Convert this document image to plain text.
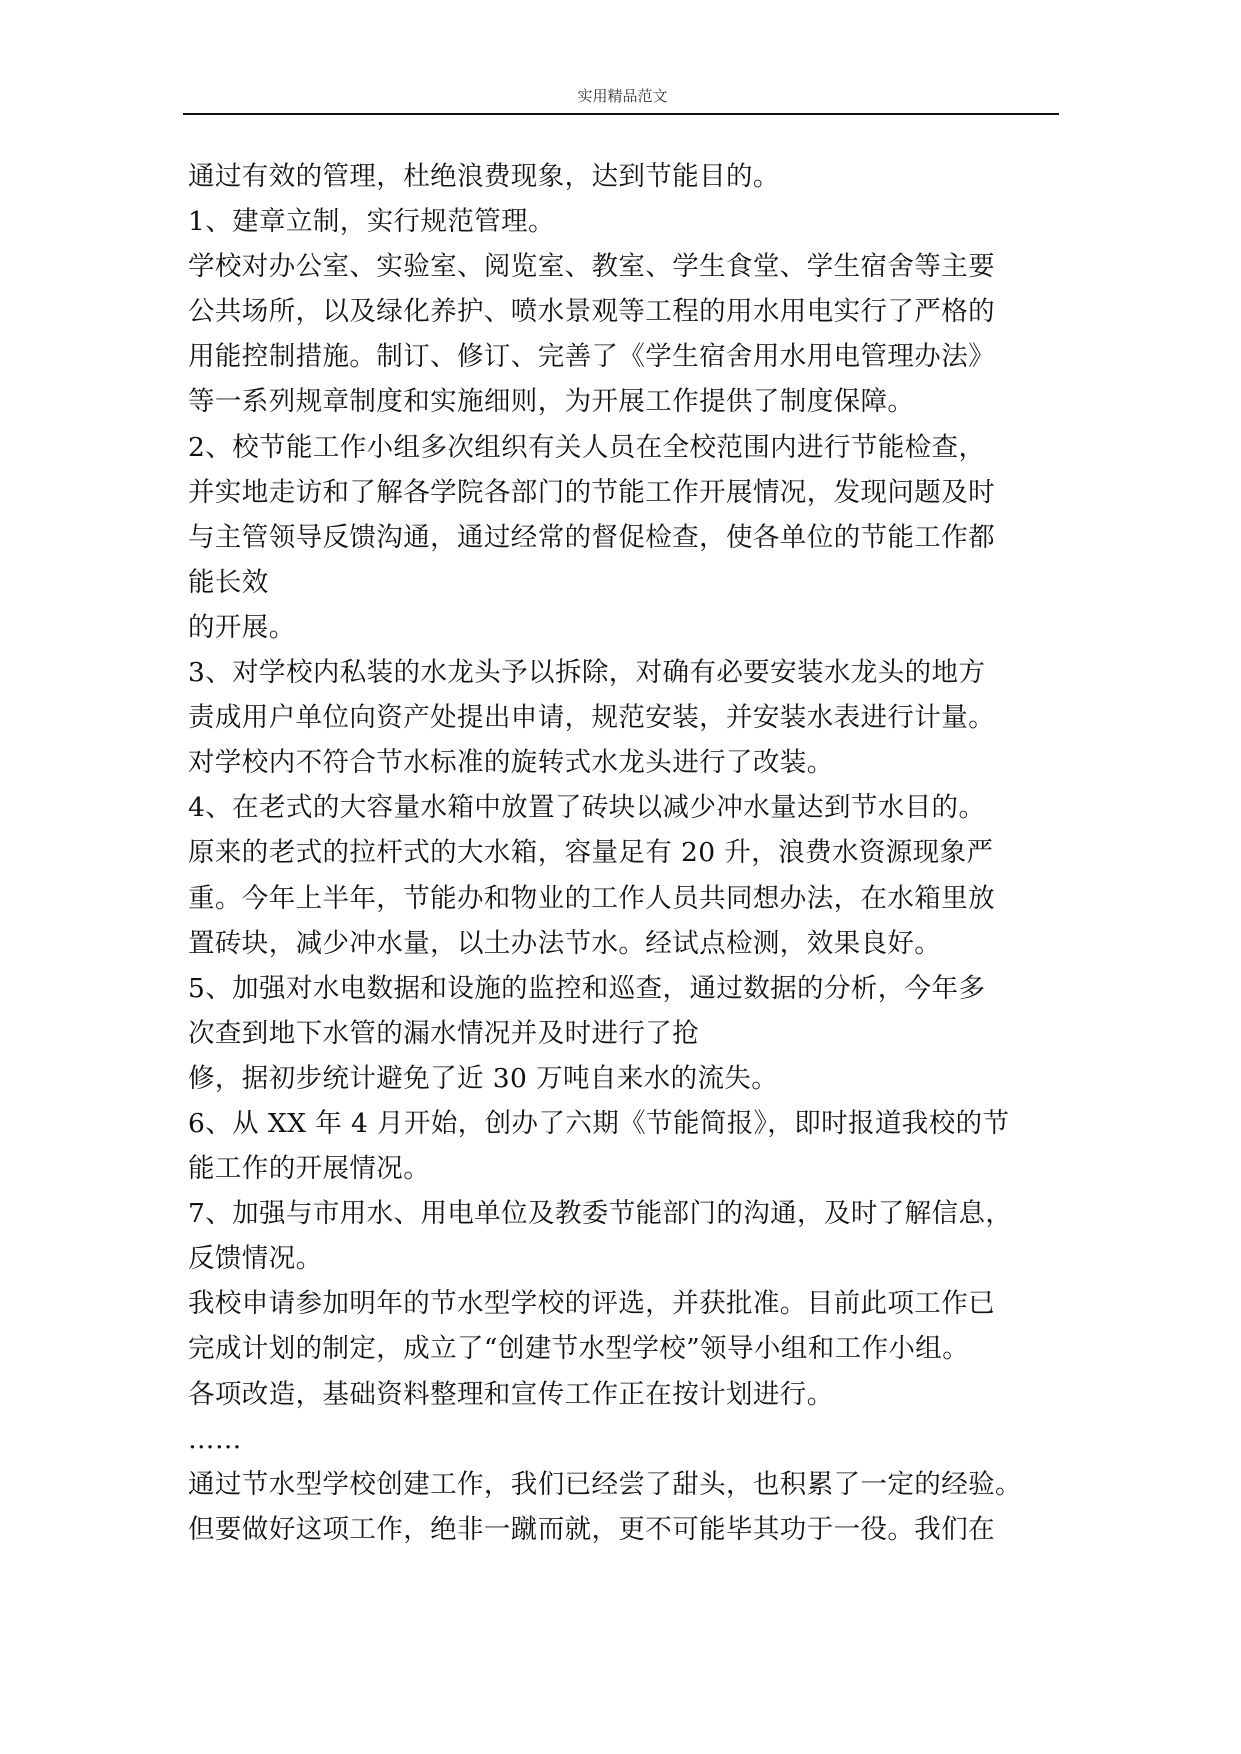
实用精品范文
通过有效的管理，杜绝浪费现象，达到节能目的。
1、建章立制，实行规范管理。
学校对办公室、实验室、阅览室、教室、学生食堂、学生宿舍等主要
公共场所，以及绿化养护、喷水景观等工程的用水用电实行了严格的
用能控制措施。制订、修订、完善了《学生宿舍用水用电管理办法》
等一系列规章制度和实施细则，为开展工作提供了制度保障。
2、校节能工作小组多次组织有关人员在全校范围内进行节能检查，
并实地走访和了解各学院各部门的节能工作开展情况，发现问题及时
与主管领导反馈沟通，通过经常的督促检查，使各单位的节能工作都
能长效
的开展。
3、对学校内私装的水龙头予以拆除，对确有必要安装水龙头的地方
责成用户单位向资产处提出申请，规范安装，并安装水表进行计量。
对学校内不符合节水标准的旋转式水龙头进行了改装。
4、在老式的大容量水箱中放置了砖块以减少冲水量达到节水目的。
原来的老式的拉杆式的大水箱，容量足有 20 升，浪费水资源现象严
重。今年上半年，节能办和物业的工作人员共同想办法，在水箱里放
置砖块，减少冲水量，以土办法节水。经试点检测，效果良好。
5、加强对水电数据和设施的监控和巡查，通过数据的分析，今年多
次查到地下水管的漏水情况并及时进行了抢
修，据初步统计避免了近 30 万吨自来水的流失。
6、从 XX 年 4 月开始，创办了六期《节能简报》，即时报道我校的节
能工作的开展情况。
7、加强与市用水、用电单位及教委节能部门的沟通，及时了解信息，
反馈情况。
我校申请参加明年的节水型学校的评选，并获批准。目前此项工作已
完成计划的制定，成立了“创建节水型学校”领导小组和工作小组。
各项改造，基础资料整理和宣传工作正在按计划进行。
……
通过节水型学校创建工作，我们已经尝了甜头，也积累了一定的经验。
但要做好这项工作，绝非一蹴而就，更不可能毕其功于一役。我们在
